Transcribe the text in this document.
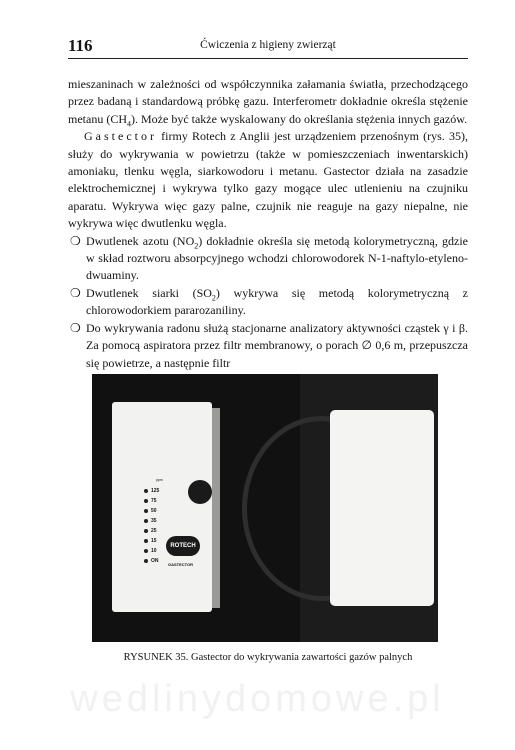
116	Ćwiczenia z higieny zwierząt

mieszaninach w zależności od współczynnika załamania światła, przechodzącego przez badaną i standardową próbkę gazu. Interferometr dokładnie określa stężenie metanu $(CH_4)$. Może być także wyskalowany do określania stężenia innych gazów.

Gastector firmy Rotech z Anglii jest urządzeniem przenośnym (rys. 35), służy do wykrywania w powietrzu (także w pomieszczeniach inwentarskich) amoniaku, tlenku węgla, siarkowodoru i metanu. Gastector działa na zasadzie elektrochemicznej i wykrywa tylko gazy mogące ulec utlenieniu na czujniku aparatu. Wykrywa więc gazy palne, czujnik nie reaguje na gazy niepalne, nie wykrywa więc dwutlenku węgla.

❍ Dwutlenek azotu $(NO_2)$ dokładnie określa się metodą kolorymetryczną, gdzie w skład roztworu absorpcyjnego wchodzi chlorowodorek N-1-naftylo-etyleno-dwuaminy.
❍ Dwutlenek siarki $(SO_2)$ wykrywa się metodą kolorymetryczną z chlorowodorkiem pararozaniliny.
❍ Do wykrywania radonu służą stacjonarne analizatory aktywności cząstek γ i β. Za pomocą aspiratora przez filtr membranowy, o porach ∅ 0,6 m, przepuszcza się powietrze, a następnie filtr
ppm
125
75
50
35
25
15
10
ON
ROTECH
GASTECTOR
RYSUNEK 35. Gastector do wykrywania zawartości gazów palnych
wedlinydomowe.pl
